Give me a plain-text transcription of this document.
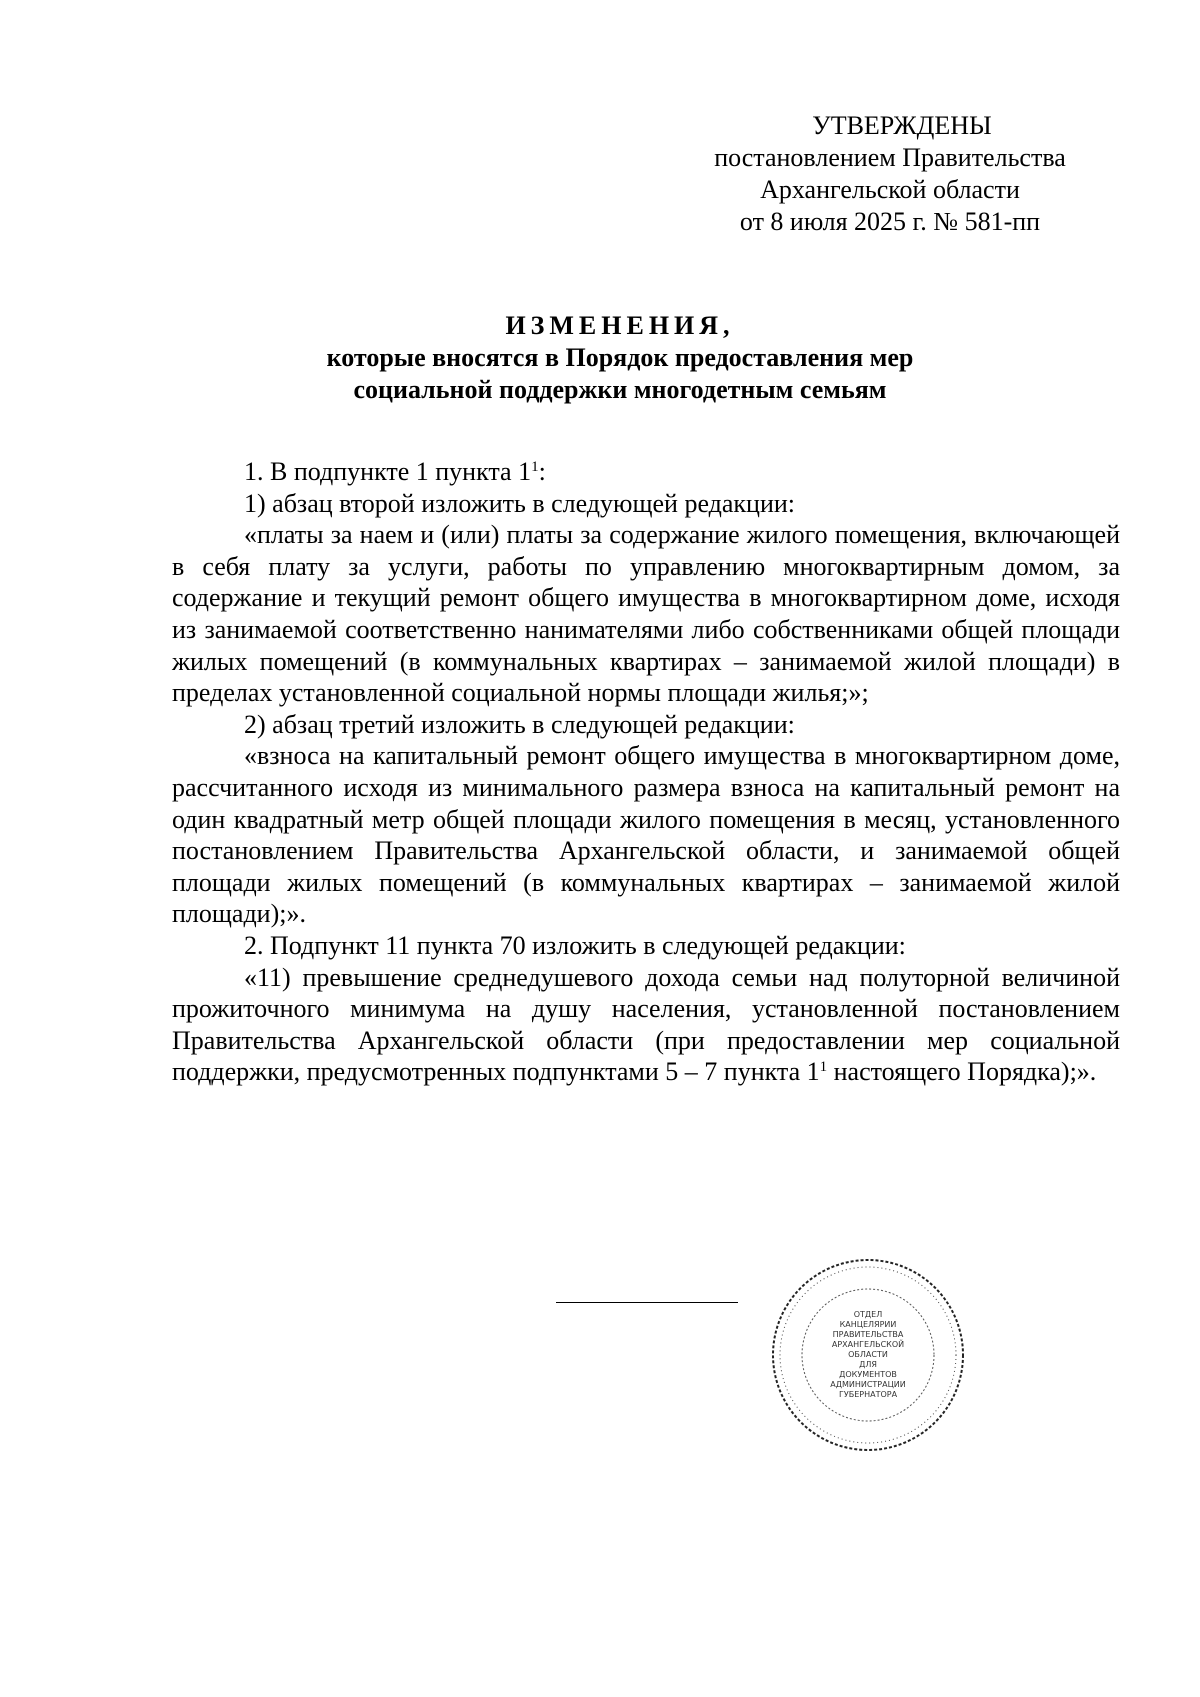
УТВЕРЖДЕНЫ
постановлением Правительства
Архангельской области
от 8 июля 2025 г. № 581-пп
ИЗМЕНЕНИЯ,
которые вносятся в Порядок предоставления мер
социальной поддержки многодетным семьям

1. В подпункте 1 пункта $1^1$:

1) абзац второй изложить в следующей редакции:

«платы за наем и (или) платы за содержание жилого помещения, включающей в себя плату за услуги, работы по управлению многоквартирным домом, за содержание и текущий ремонт общего имущества в многоквартирном доме, исходя из занимаемой соответственно нанимателями либо собственниками общей площади жилых помещений (в коммунальных квартирах – занимаемой жилой площади) в пределах установленной социальной нормы площади жилья;»;

2) абзац третий изложить в следующей редакции:

«взноса на капитальный ремонт общего имущества в многоквартирном доме, рассчитанного исходя из минимального размера взноса на капитальный ремонт на один квадратный метр общей площади жилого помещения в месяц, установленного постановлением Правительства Архангельской области, и занимаемой общей площади жилых помещений (в коммунальных квартирах – занимаемой жилой площади);».

2. Подпункт 11 пункта 70 изложить в следующей редакции:

«11) превышение среднедушевого дохода семьи над полуторной величиной прожиточного минимума на душу населения, установленной постановлением Правительства Архангельской области (при предоставлении мер социальной поддержки, предусмотренных подпунктами 5 – 7 пункта $1^1$ настоящего Порядка);».

ОТДЕЛ
КАНЦЕЛЯРИИ
ПРАВИТЕЛЬСТВА
АРХАНГЕЛЬСКОЙ
ОБЛАСТИ
ДЛЯ
ДОКУМЕНТОВ
АДМИНИСТРАЦИИ
ГУБЕРНАТОРА
